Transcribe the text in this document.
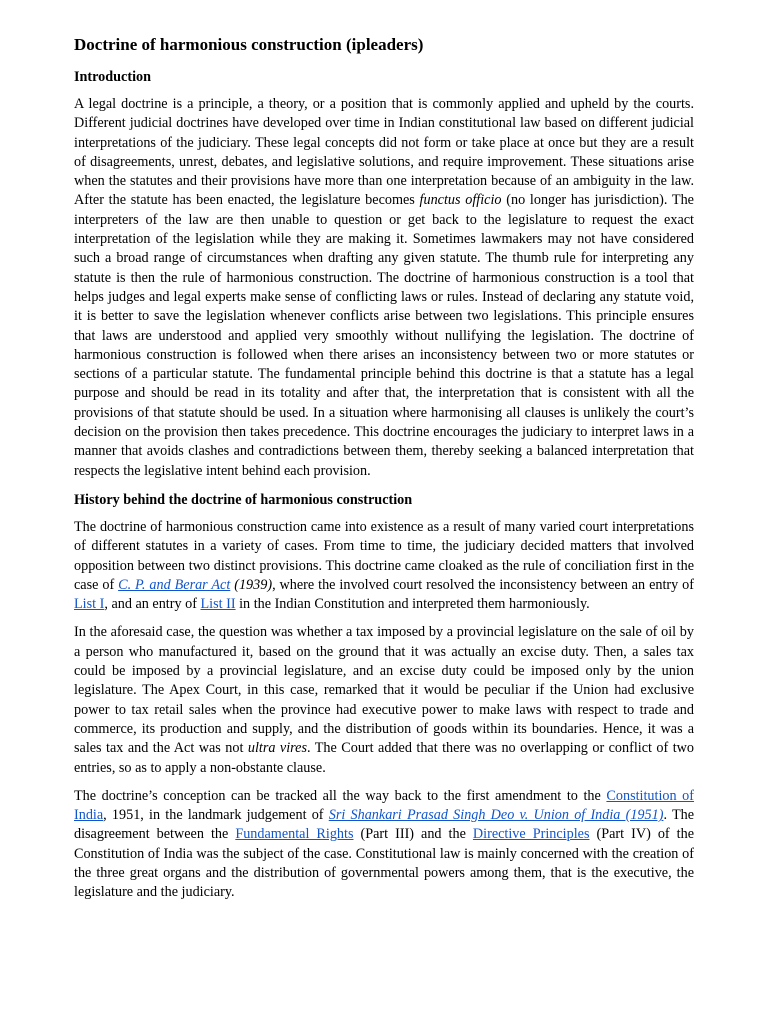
Doctrine of harmonious construction (ipleaders)
Introduction

A legal doctrine is a principle, a theory, or a position that is commonly applied and upheld by the courts. Different judicial doctrines have developed over time in Indian constitutional law based on different judicial interpretations of the judiciary. These legal concepts did not form or take place at once but they are a result of disagreements, unrest, debates, and legislative solutions, and require improvement. These situations arise when the statutes and their provisions have more than one interpretation because of an ambiguity in the law. After the statute has been enacted, the legislature becomes functus officio (no longer has jurisdiction). The interpreters of the law are then unable to question or get back to the legislature to request the exact interpretation of the legislation while they are making it. Sometimes lawmakers may not have considered such a broad range of circumstances when drafting any given statute. The thumb rule for interpreting any statute is then the rule of harmonious construction. The doctrine of harmonious construction is a tool that helps judges and legal experts make sense of conflicting laws or rules. Instead of declaring any statute void, it is better to save the legislation whenever conflicts arise between two legislations. This principle ensures that laws are understood and applied very smoothly without nullifying the legislation. The doctrine of harmonious construction is followed when there arises an inconsistency between two or more statutes or sections of a particular statute. The fundamental principle behind this doctrine is that a statute has a legal purpose and should be read in its totality and after that, the interpretation that is consistent with all the provisions of that statute should be used. In a situation where harmonising all clauses is unlikely the court’s decision on the provision then takes precedence. This doctrine encourages the judiciary to interpret laws in a manner that avoids clashes and contradictions between them, thereby seeking a balanced interpretation that respects the legislative intent behind each provision.

History behind the doctrine of harmonious construction

The doctrine of harmonious construction came into existence as a result of many varied court interpretations of different statutes in a variety of cases. From time to time, the judiciary decided matters that involved opposition between two distinct provisions. This doctrine came cloaked as the rule of conciliation first in the case of C. P. and Berar Act (1939), where the involved court resolved the inconsistency between an entry of List I, and an entry of List II in the Indian Constitution and interpreted them harmoniously.

In the aforesaid case, the question was whether a tax imposed by a provincial legislature on the sale of oil by a person who manufactured it, based on the ground that it was actually an excise duty. Then, a sales tax could be imposed by a provincial legislature, and an excise duty could be imposed only by the union legislature. The Apex Court, in this case, remarked that it would be peculiar if the Union had exclusive power to tax retail sales when the province had executive power to make laws with respect to trade and commerce, its production and supply, and the distribution of goods within its boundaries. Hence, it was a sales tax and the Act was not ultra vires. The Court added that there was no overlapping or conflict of two entries, so as to apply a non-obstante clause.

The doctrine’s conception can be tracked all the way back to the first amendment to the Constitution of India, 1951, in the landmark judgement of Sri Shankari Prasad Singh Deo v. Union of India (1951). The disagreement between the Fundamental Rights (Part III) and the Directive Principles (Part IV) of the Constitution of India was the subject of the case. Constitutional law is mainly concerned with the creation of the three great organs and the distribution of governmental powers among them, that is the executive, the legislature and the judiciary.
